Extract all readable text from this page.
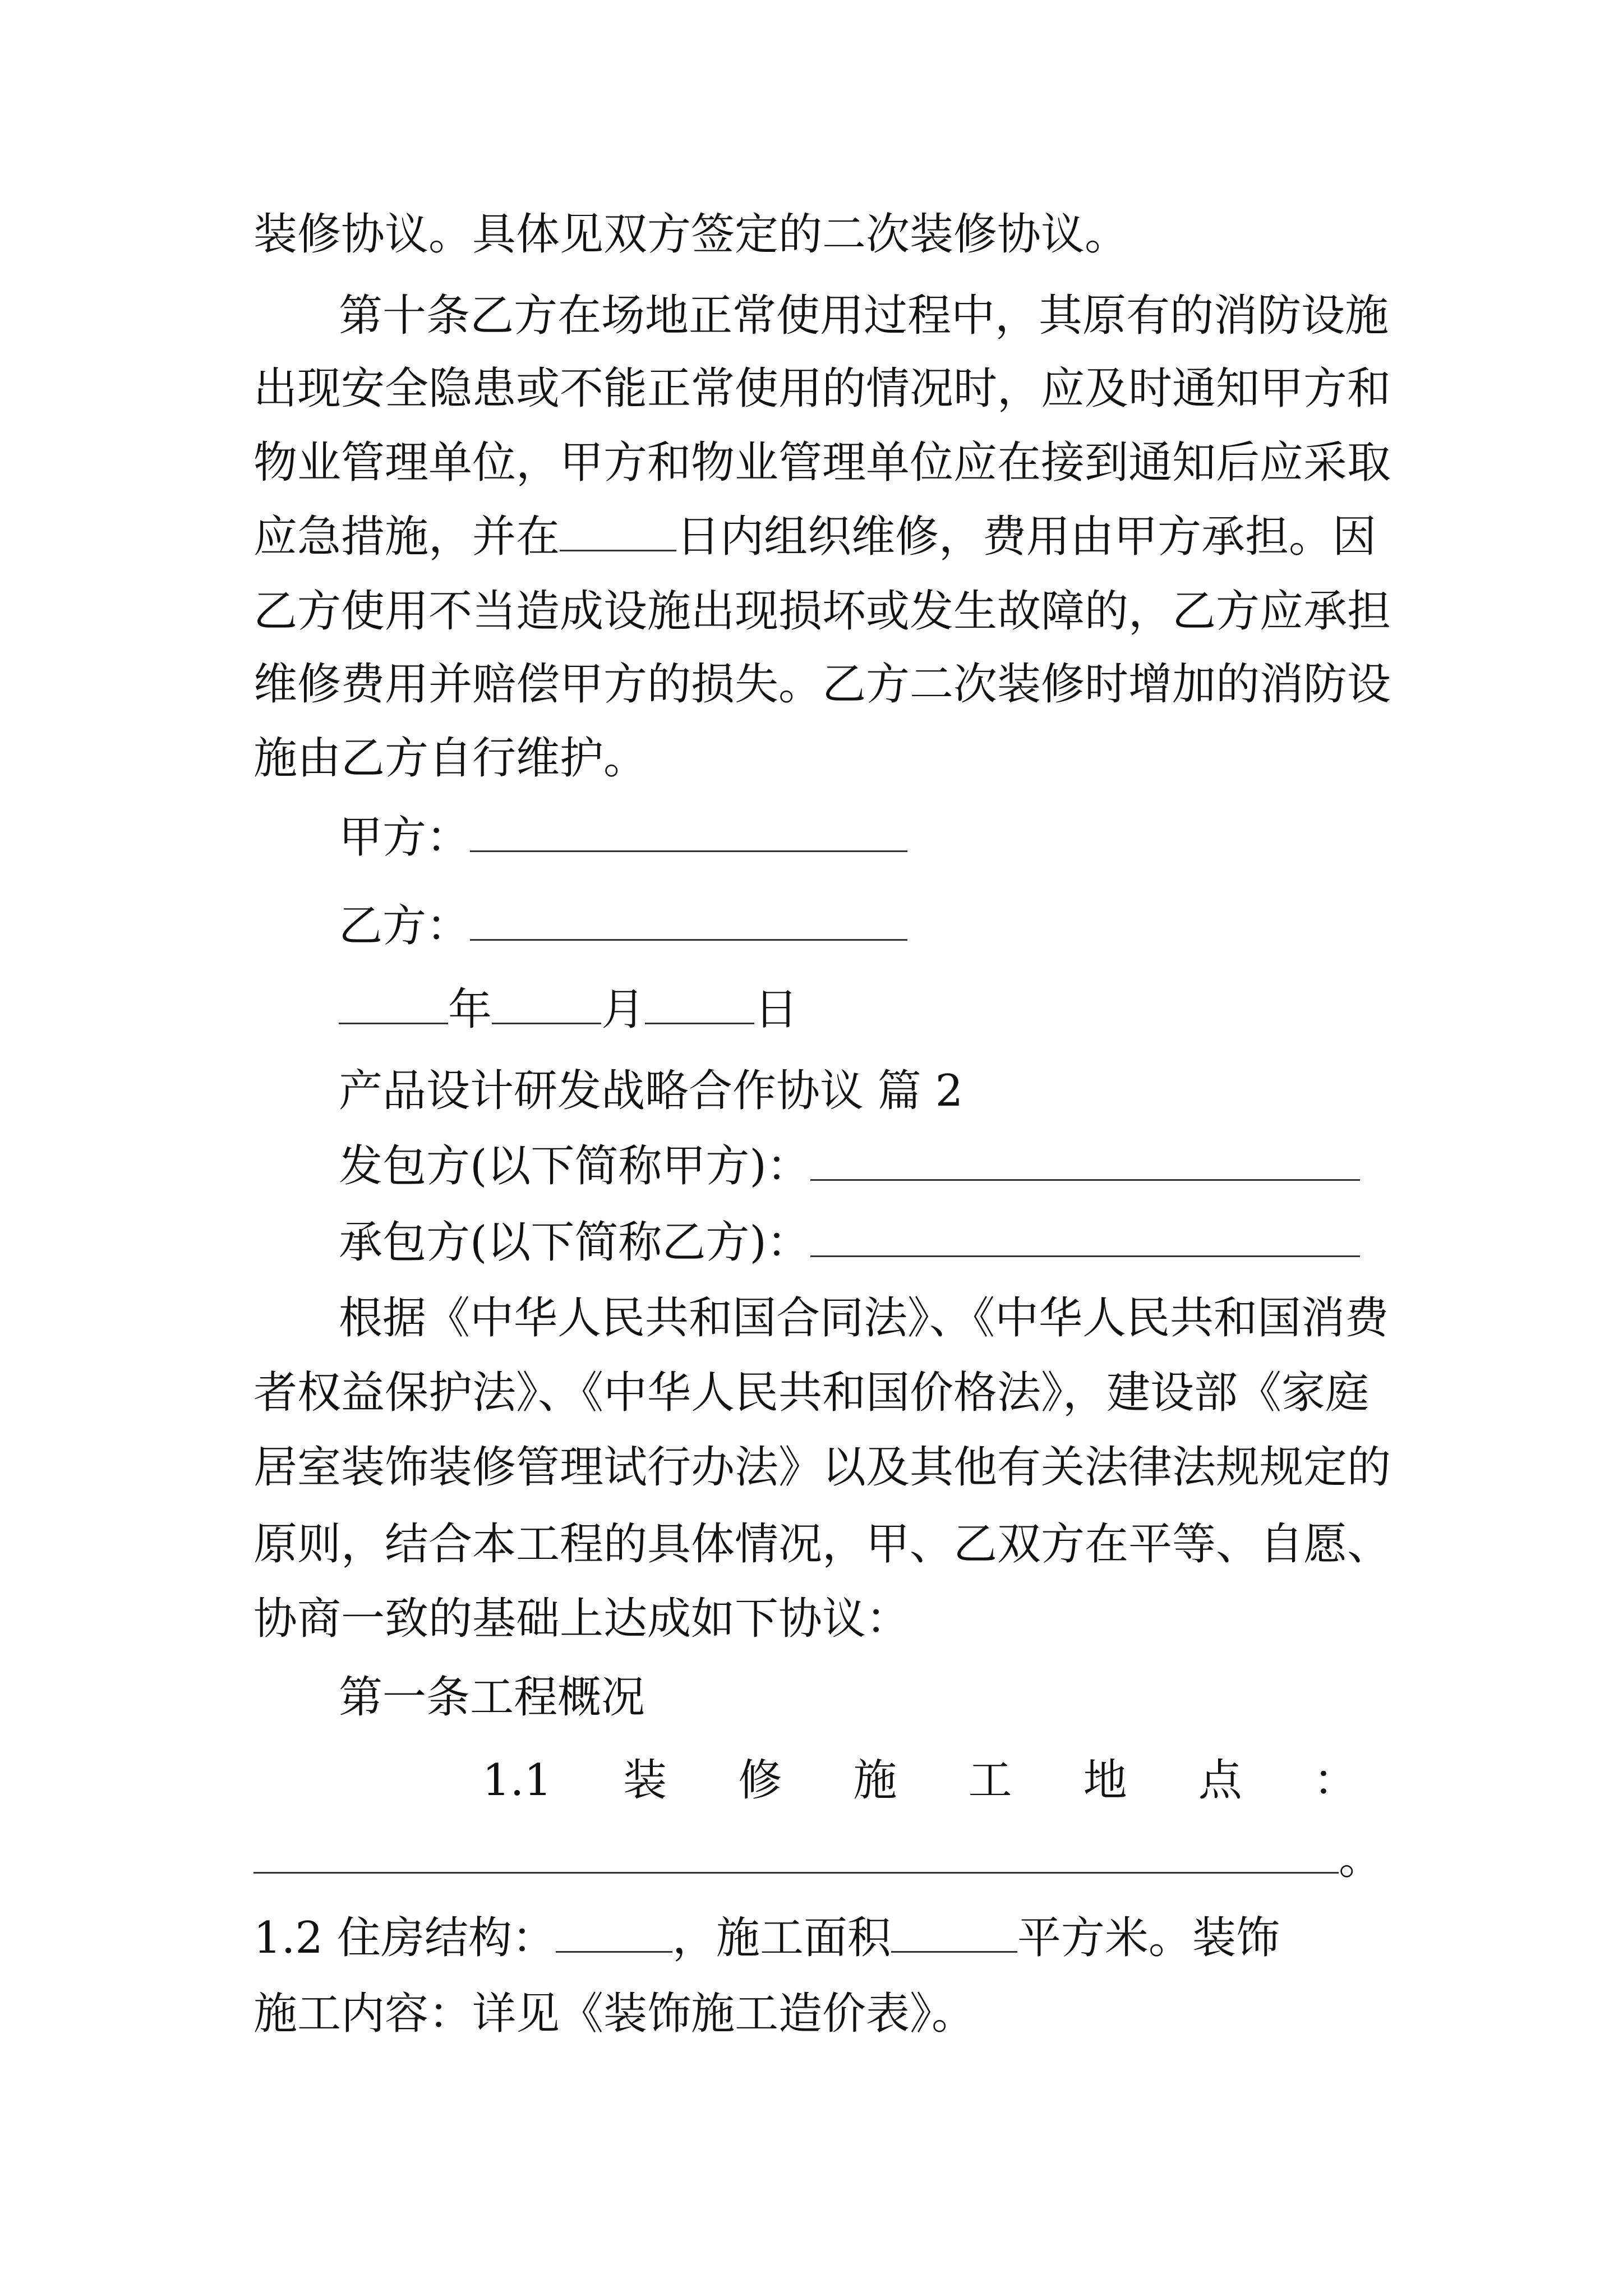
装修协议。具体见双方签定的二次装修协议。

第十条乙方在场地正常使用过程中，其原有的消防设施

出现安全隐患或不能正常使用的情况时，应及时通知甲方和

物业管理单位，甲方和物业管理单位应在接到通知后应采取

应急措施，并在	日内组织维修，费用由甲方承担。因

乙方使用不当造成设施出现损坏或发生故障的，乙方应承担

维修费用并赔偿甲方的损失。乙方二次装修时增加的消防设

施由乙方自行维护。

甲方：

乙方：

年	月	日

产品设计研发战略合作协议 篇 2

发包方(以下简称甲方)：

承包方(以下简称乙方)：

根据《中华人民共和国合同法》、《中华人民共和国消费

者权益保护法》、《中华人民共和国价格法》，建设部《家庭

居室装饰装修管理试行办法》以及其他有关法律法规规定的

原则，结合本工程的具体情况，甲、乙双方在平等、自愿、

协商一致的基础上达成如下协议：

第一条工程概况

1.1 装 修 施 工 地 点 ：

。

1.2 住房结构：	，施工面积	平方米。装饰

施工内容：详见《装饰施工造价表》。
